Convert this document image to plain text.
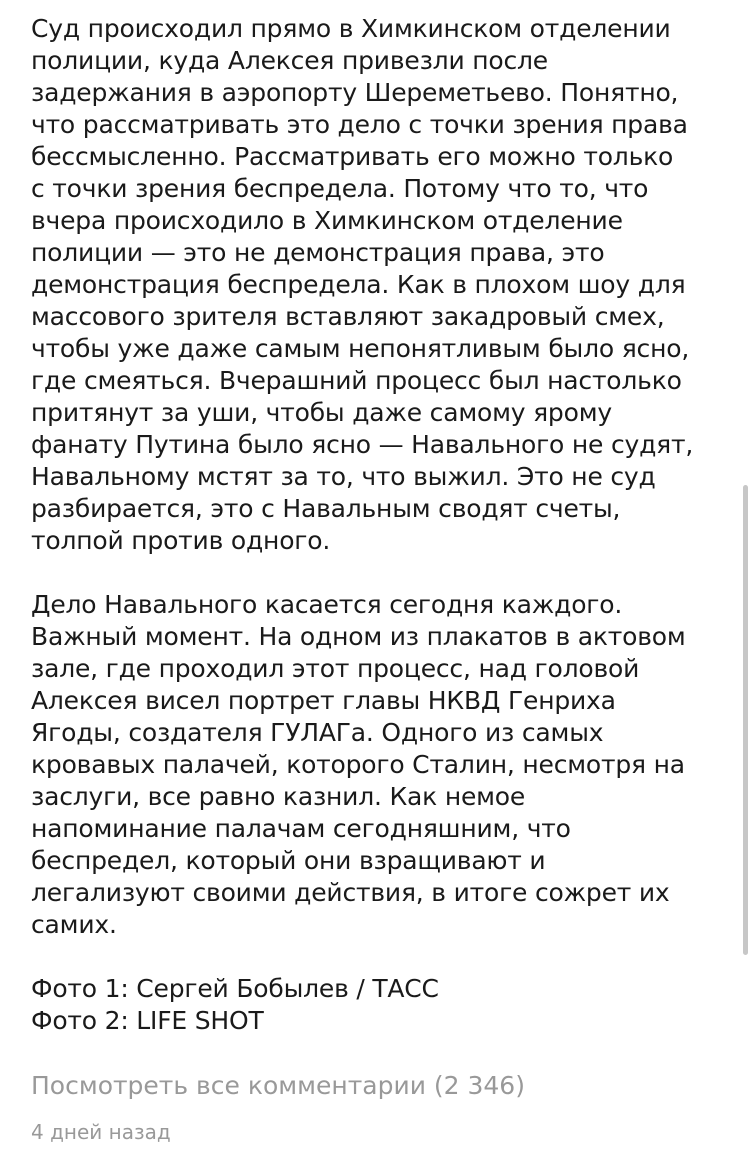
Суд происходил прямо в Химкинском отделении
полиции, куда Алексея привезли после
задержания в аэропорту Шереметьево. Понятно,
что рассматривать это дело с точки зрения права
бессмысленно. Рассматривать его можно только
с точки зрения беспредела. Потому что то, что
вчера происходило в Химкинском отделение
полиции — это не демонстрация права, это
демонстрация беспредела. Как в плохом шоу для
массового зрителя вставляют закадровый смех,
чтобы уже даже самым непонятливым было ясно,
где смеяться. Вчерашний процесс был настолько
притянут за уши, чтобы даже самому ярому
фанату Путина было ясно — Навального не судят,
Навальному мстят за то, что выжил. Это не суд
разбирается, это с Навальным сводят счеты,
толпой против одного.
Дело Навального касается сегодня каждого.
Важный момент. На одном из плакатов в актовом
зале, где проходил этот процесс, над головой
Алексея висел портрет главы НКВД Генриха
Ягоды, создателя ГУЛАГа. Одного из самых
кровавых палачей, которого Сталин, несмотря на
заслуги, все равно казнил. Как немое
напоминание палачам сегодняшним, что
беспредел, который они взращивают и
легализуют своими действия, в итоге сожрет их
самих.
Фото 1: Сергей Бобылев / ТАСС
Фото 2: LIFE SHOT
Посмотреть все комментарии (2 346)
4 дней назад
